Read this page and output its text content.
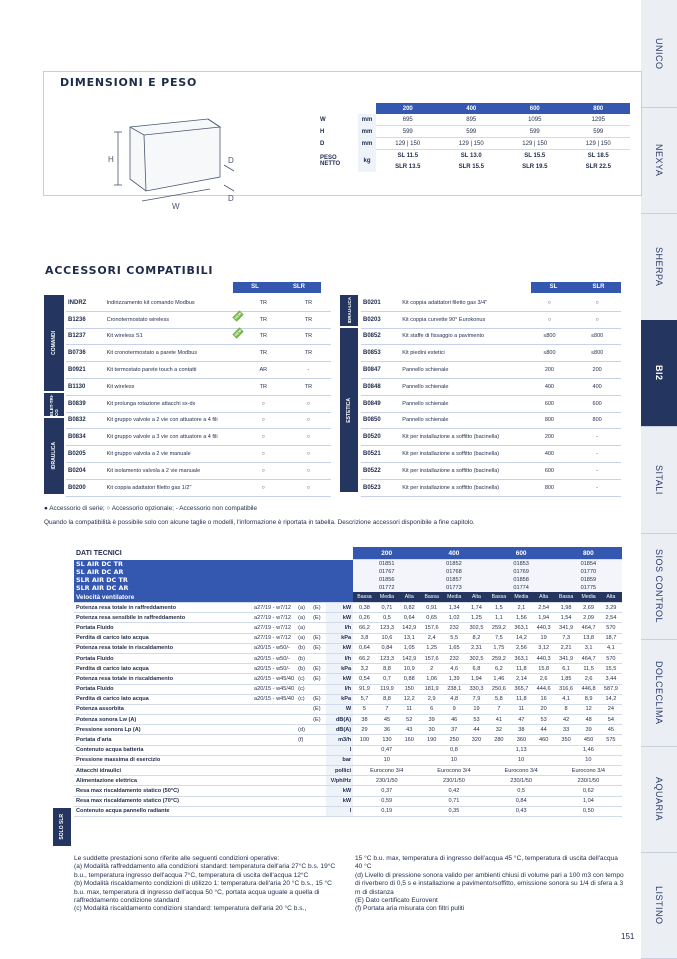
UNICO
NEXYA
SHERPA
BI2
SITALI
SIOS CONTROL
DOLCECLIMA
AQUARIA
LISTINO
DIMENSIONI E PESO
H
W
D
D
		200	400	600	800
W	mm	695	895	1095	1295
H	mm	599	599	599	599
D	mm	129 | 150	129 | 150	129 | 150	129 | 150
PESO NETTO	kg	SL 11.5	SL 13.0	SL 15.5	SL 18.5
		SLR 13.5	SLR 15.5	SLR 19.5	SLR 22.5
ACCESSORI COMPATIBILI
SL	SLR	SL	SLR
COMANDI
ELET-TRI-CO
IDRAULICA
INDRZ	Indirizzamento kit comando Modbus		TR	TR
B1236	Cronotermostato wireless	NEW	TR	TR
B1237	Kit wireless S1	NEW	TR	TR
B0736	Kit cronotermostato a parete Modbus		TR	TR
B0921	Kit termostato parete touch a contatti		AR	-
B1130	Kit wireless		TR	TR
B0839	Kit prolunga rotazione attacchi sx-dx		○	○
B0832	Kit gruppo valvole a 2 vie con attuatore a 4 fili		○	○
B0834	Kit gruppo valvole a 3 vie con attuatore a 4 fili		○	○
B0205	Kit gruppo valvola a 2 vie manuale		○	○
B0204	Kit isolamento valvola a 2 vie manuale		○	○
B0200	Kit coppia adattatori filetto gas 1/2"		○	○
IDRAU-LICA
ESTETICA
B0201	Kit coppia adattatori filetto gas 3/4"	○	○
B0203	Kit coppia curvette 90° Eurokonus	○	○
B0852	Kit staffe di fissaggio a pavimento	≤800	≤800
B0853	Kit piedini estetici	≤800	≤800
B0847	Pannello schienale	200	200
B0848	Pannello schienale	400	400
B0849	Pannello schienale	600	600
B0850	Pannello schienale	800	800
B0520	Kit per installazione a soffitto (bacinella)	200	-
B0521	Kit per installazione a soffitto (bacinella)	400	-
B0522	Kit per installazione a soffitto (bacinella)	600	-
B0523	Kit per installazione a soffitto (bacinella)	800	-
● Accessorio di serie; ○ Accessorio opzionale; - Accessorio non compatibile
Quando la compatibilità è possibile solo con alcune taglie o modelli, l'informazione è riportata in tabella. Descrizione accessori disponibile a fine capitolo.
DATI TECNICI					200			400			600			800		
SL AIR DC TR					01851			01852			01853			01854		
SL AIR DC AR					01767			01768			01769			01770		
SLR AIR DC TR					01856			01857			01858			01859		
SLR AIR DC AR					01772			01773			01774			01775		
Velocità ventilatore					Bassa	Media	Alta	Bassa	Media	Alta	Bassa	Media	Alta	Bassa	Media	Alta
Potenza resa totale in raffreddamento	a27/19 - w7/12	(a)	(E)	kW	0,38	0,71	0,82	0,91	1,34	1,74	1,5	2,1	2,54	1,98	2,69	3,29
Potenza resa sensibile in raffreddamento	a27/19 - w7/12	(a)	(E)	kW	0,26	0,5	0,64	0,65	1,02	1,25	1,1	1,56	1,94	1,54	2,09	2,54
Portata Fluido	a27/19 - w7/12	(a)		l/h	66,2	123,3	142,9	157,6	232	302,5	259,2	363,1	440,3	341,9	464,7	570
Perdita di carico lato acqua	a27/19 - w7/12	(a)	(E)	kPa	3,8	10,6	13,1	2,4	5,5	8,2	7,5	14,2	19	7,3	13,8	18,7
Potenza resa totale in riscaldamento	a20/15 - w50/-	(b)	(E)	kW	0,64	0,84	1,05	1,25	1,65	2,31	1,75	2,56	3,12	2,21	3,1	4,1
Portata Fluido	a20/15 - w50/-	(b)		l/h	66,2	123,3	142,9	157,6	232	302,5	259,2	363,1	440,3	341,9	464,7	570
Perdita di carico lato acqua	a20/15 - w50/-	(b)	(E)	kPa	3,2	8,8	10,9	2	4,6	6,8	6,2	11,8	15,8	6,1	11,5	15,5
Potenza resa totale in riscaldamento	a20/15 - w45/40	(c)	(E)	kW	0,54	0,7	0,88	1,06	1,39	1,94	1,46	2,14	2,6	1,85	2,6	3,44
Portata Fluido	a20/15 - w45/40	(c)		l/h	91,9	119,9	150	181,9	238,1	330,3	250,6	365,7	444,6	316,6	446,8	587,9
Perdita di carico lato acqua	a20/15 - w45/40	(c)	(E)	kPa	5,7	8,8	12,2	2,9	4,8	7,9	5,8	11,8	16	4,1	8,9	14,2
Potenza assorbita			(E)	W	5	7	11	6	9	19	7	11	20	8	12	24
Potenza sonora Lw (A)			(E)	dB(A)	38	45	52	39	46	53	41	47	53	42	48	54
Pressione sonora Lp (A)		(d)		dB(A)	29	36	43	30	37	44	32	38	44	33	39	45
Portata d'aria		(f)		m3/h	100	130	160	190	250	320	280	360	460	350	450	575
Contenuto acqua batteria				l	0,47			0,8			1,13			1,46		
Pressione massima di esercizio				bar	10			10			10			10		
Attacchi idraulici				pollici	Eurocono 3/4			Eurocono 3/4			Eurocono 3/4			Eurocono 3/4		
Alimentazione elettrica				V/ph/Hz	230/1/50			230/1/50			230/1/50			230/1/50		
Resa max riscaldamento statico (50°C)				kW	0,37			0,42			0,5			0,62		
Resa max riscaldamento statico (70°C)				kW	0,59			0,71			0,84			1,04		
Contenuto acqua pannello radiante				l	0,19			0,35			0,43			0,50		
SOLO SLR
Le suddette prestazioni sono riferite alle seguenti condizioni operative:
(a) Modalità raffreddamento alla condizioni standard: temperatura dell'aria 27°C b.s. 19°C b.u., temperatura ingresso dell'acqua 7°C, temperatura di uscita dell'acqua 12°C
(b) Modalità riscaldamento condizioni di utilizzo 1: temperatura dell'aria 20 °C b.s., 15 °C b.u. max, temperatura di ingresso dell'acqua 50 °C, portata acqua uguale a quella di raffreddamento condizione standard
(c) Modalità riscaldamento condizioni standard: temperatura dell'aria 20 °C b.s.,
15 °C b.u. max, temperatura di ingresso dell'acqua 45 °C, temperatura di uscita dell'acqua 40 °C
(d) Livello di pressione sonora valido per ambienti chiusi di volume pari a 100 m3 con tempo di riverbero di 0,5 s e installazione a pavimento/soffitto, emissione sonora su 1/4 di sfera a 3 m di distanza
(E) Dato certificato Eurovent
(f) Portata aria misurata con filtri puliti
151
